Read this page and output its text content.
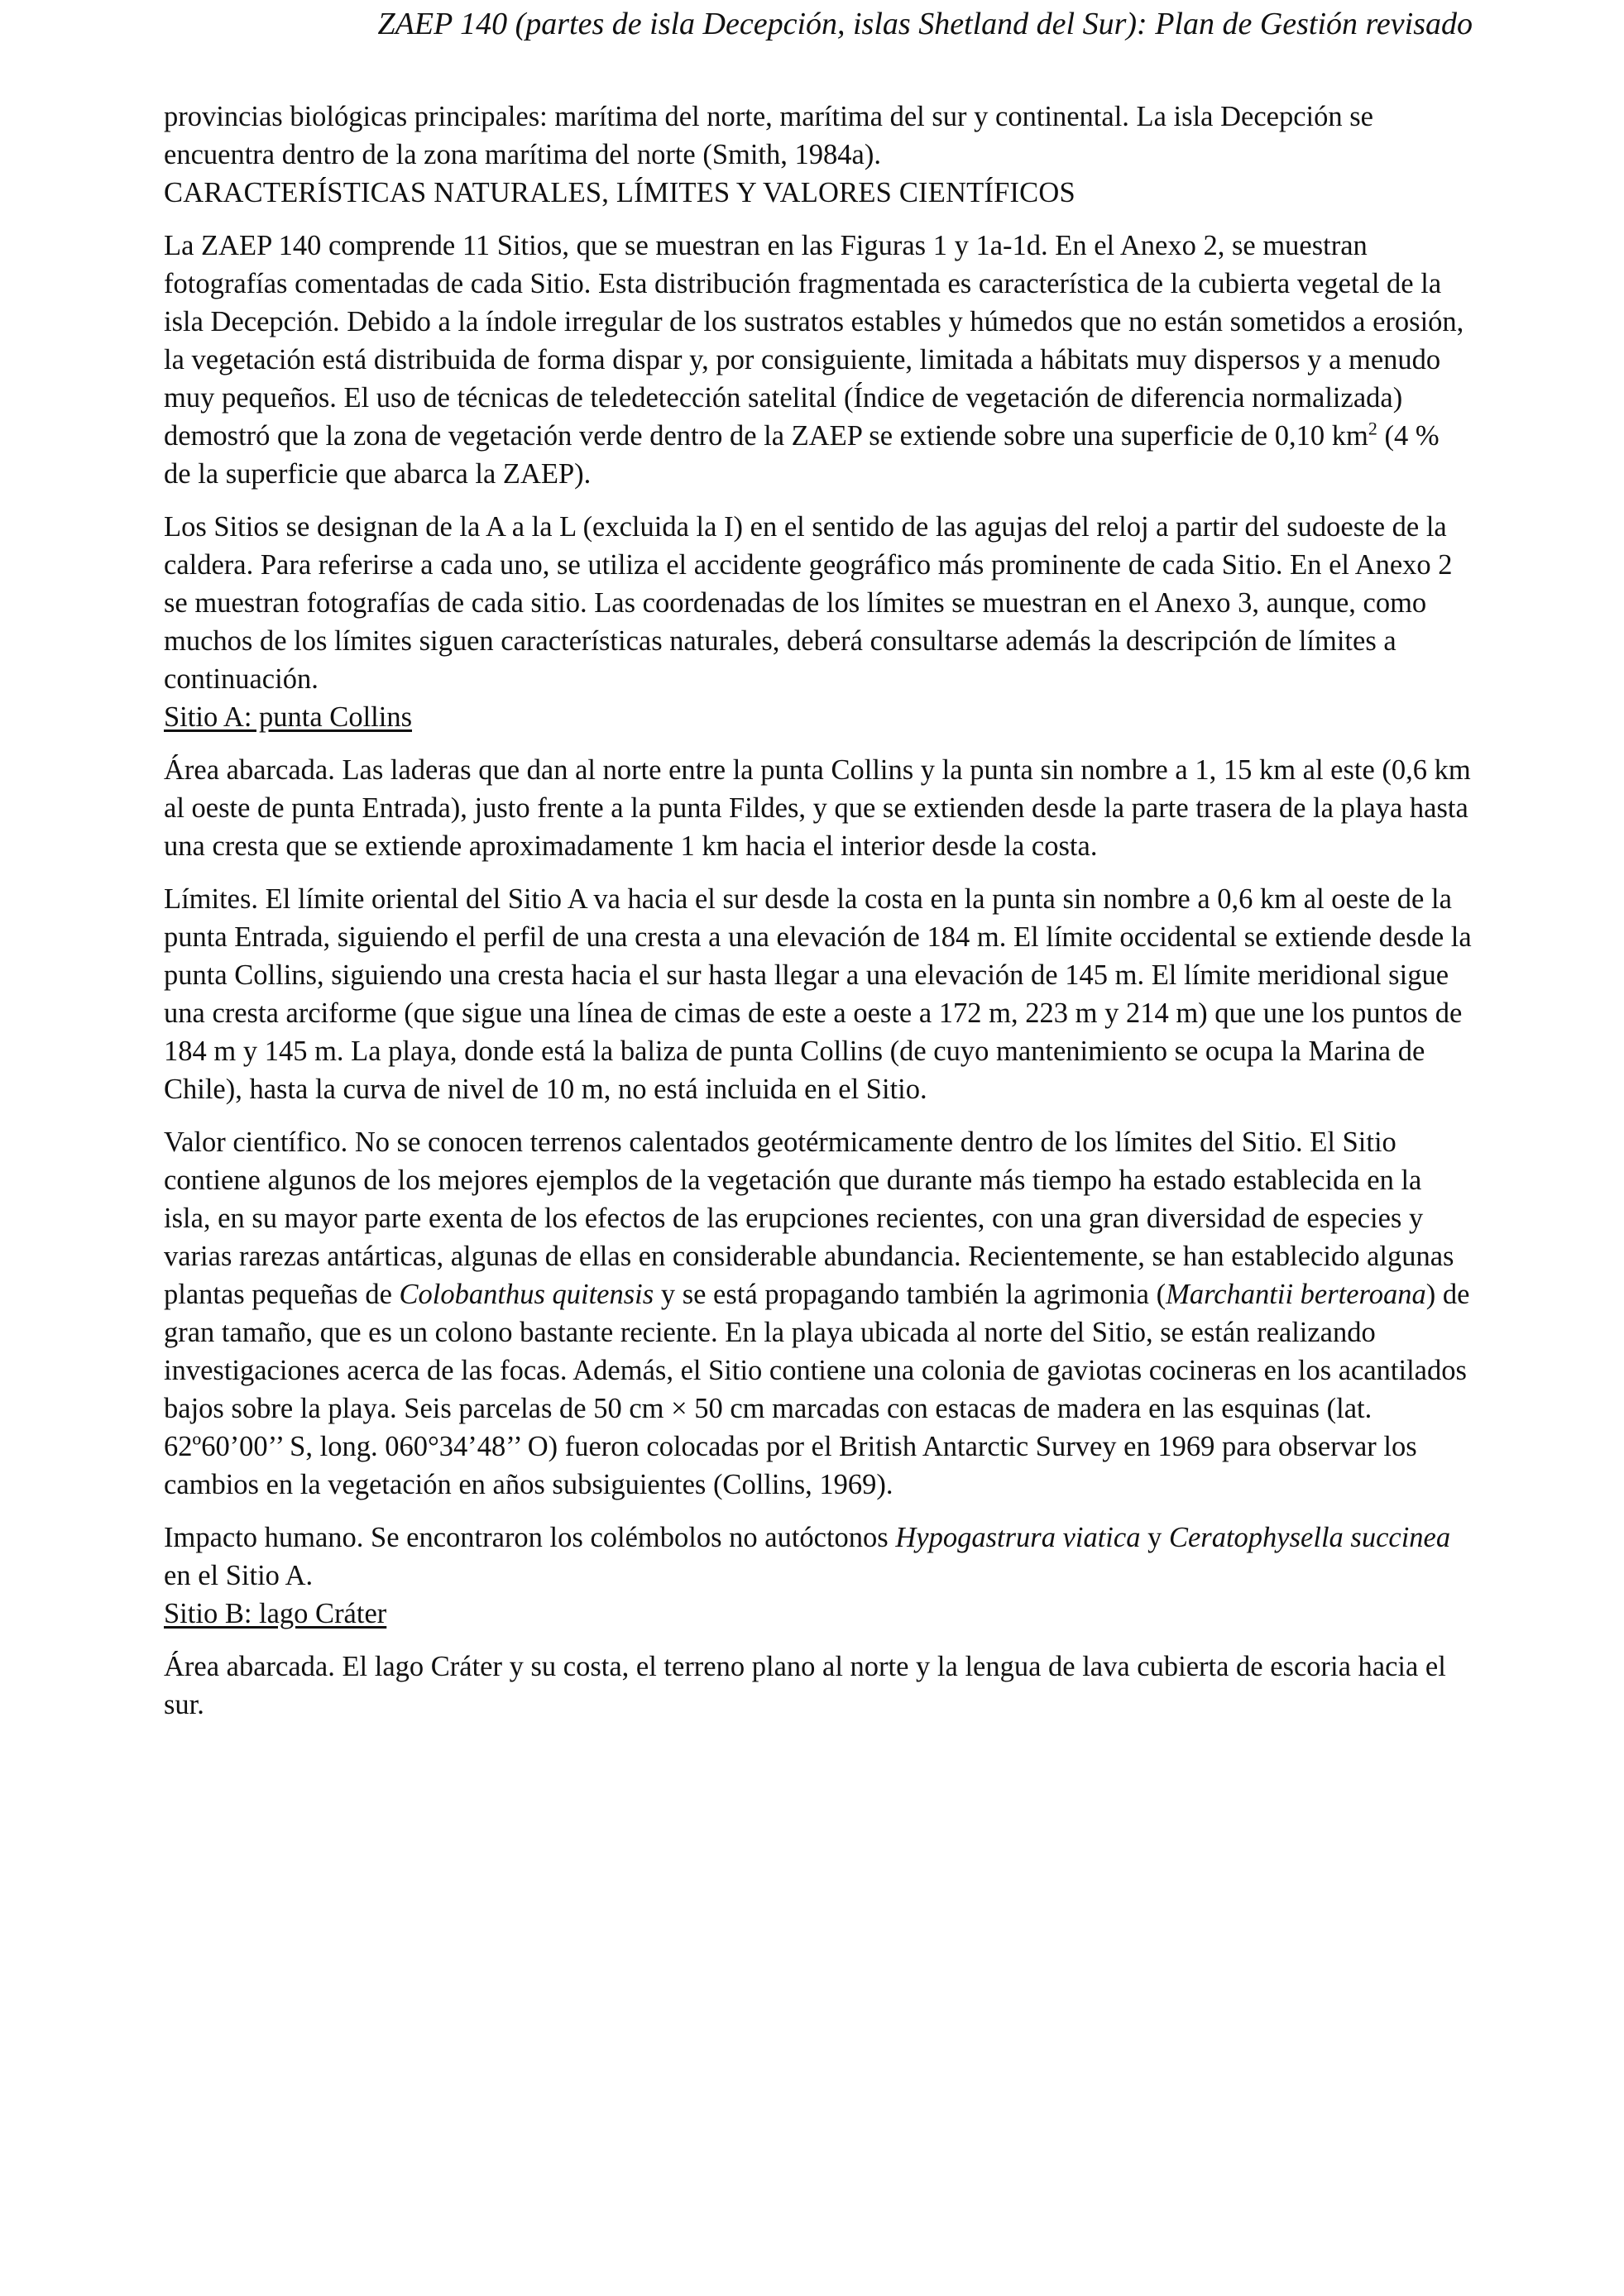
ZAEP 140 (partes de isla Decepción, islas Shetland del Sur): Plan de Gestión revisado

provincias biológicas principales: marítima del norte, marítima del sur y continental. La isla Decepción se encuentra dentro de la zona marítima del norte (Smith, 1984a).

CARACTERÍSTICAS NATURALES, LÍMITES Y VALORES CIENTÍFICOS

La ZAEP 140 comprende 11 Sitios, que se muestran en las Figuras 1 y 1a-1d. En el Anexo 2, se muestran fotografías comentadas de cada Sitio. Esta distribución fragmentada es característica de la cubierta vegetal de la isla Decepción. Debido a la índole irregular de los sustratos estables y húmedos que no están sometidos a erosión, la vegetación está distribuida de forma dispar y, por consiguiente, limitada a hábitats muy dispersos y a menudo muy pequeños. El uso de técnicas de teledetección satelital (Índice de vegetación de diferencia normalizada) demostró que la zona de vegetación verde dentro de la ZAEP se extiende sobre una superficie de 0,10 $km^2$ (4 % de la superficie que abarca la ZAEP).

Los Sitios se designan de la A a la L (excluida la I) en el sentido de las agujas del reloj a partir del sudoeste de la caldera. Para referirse a cada uno, se utiliza el accidente geográfico más prominente de cada Sitio. En el Anexo 2 se muestran fotografías de cada sitio. Las coordenadas de los límites se muestran en el Anexo 3, aunque, como muchos de los límites siguen características naturales, deberá consultarse además la descripción de límites a continuación.

Sitio A: punta Collins

Área abarcada. Las laderas que dan al norte entre la punta Collins y la punta sin nombre a 1, 15 km al este (0,6 km al oeste de punta Entrada), justo frente a la punta Fildes, y que se extienden desde la parte trasera de la playa hasta una cresta que se extiende aproximadamente 1 km hacia el interior desde la costa.

Límites. El límite oriental del Sitio A va hacia el sur desde la costa en la punta sin nombre a 0,6 km al oeste de la punta Entrada, siguiendo el perfil de una cresta a una elevación de 184 m. El límite occidental se extiende desde la punta Collins, siguiendo una cresta hacia el sur hasta llegar a una elevación de 145 m. El límite meridional sigue una cresta arciforme (que sigue una línea de cimas de este a oeste a 172 m, 223 m y 214 m) que une los puntos de 184 m y 145 m. La playa, donde está la baliza de punta Collins (de cuyo mantenimiento se ocupa la Marina de Chile), hasta la curva de nivel de 10 m, no está incluida en el Sitio.

Valor científico. No se conocen terrenos calentados geotérmicamente dentro de los límites del Sitio. El Sitio contiene algunos de los mejores ejemplos de la vegetación que durante más tiempo ha estado establecida en la isla, en su mayor parte exenta de los efectos de las erupciones recientes, con una gran diversidad de especies y varias rarezas antárticas, algunas de ellas en considerable abundancia. Recientemente, se han establecido algunas plantas pequeñas de Colobanthus quitensis y se está propagando también la agrimonia (Marchantii berteroana) de gran tamaño, que es un colono bastante reciente. En la playa ubicada al norte del Sitio, se están realizando investigaciones acerca de las focas. Además, el Sitio contiene una colonia de gaviotas cocineras en los acantilados bajos sobre la playa. Seis parcelas de 50 cm × 50 cm marcadas con estacas de madera en las esquinas (lat. 62º60’00’’ S, long. 060°34’48’’ O) fueron colocadas por el British Antarctic Survey en 1969 para observar los cambios en la vegetación en años subsiguientes (Collins, 1969).

Impacto humano. Se encontraron los colémbolos no autóctonos Hypogastrura viatica y Ceratophysella succinea en el Sitio A.

Sitio B: lago Cráter

Área abarcada. El lago Cráter y su costa, el terreno plano al norte y la lengua de lava cubierta de escoria hacia el sur.
